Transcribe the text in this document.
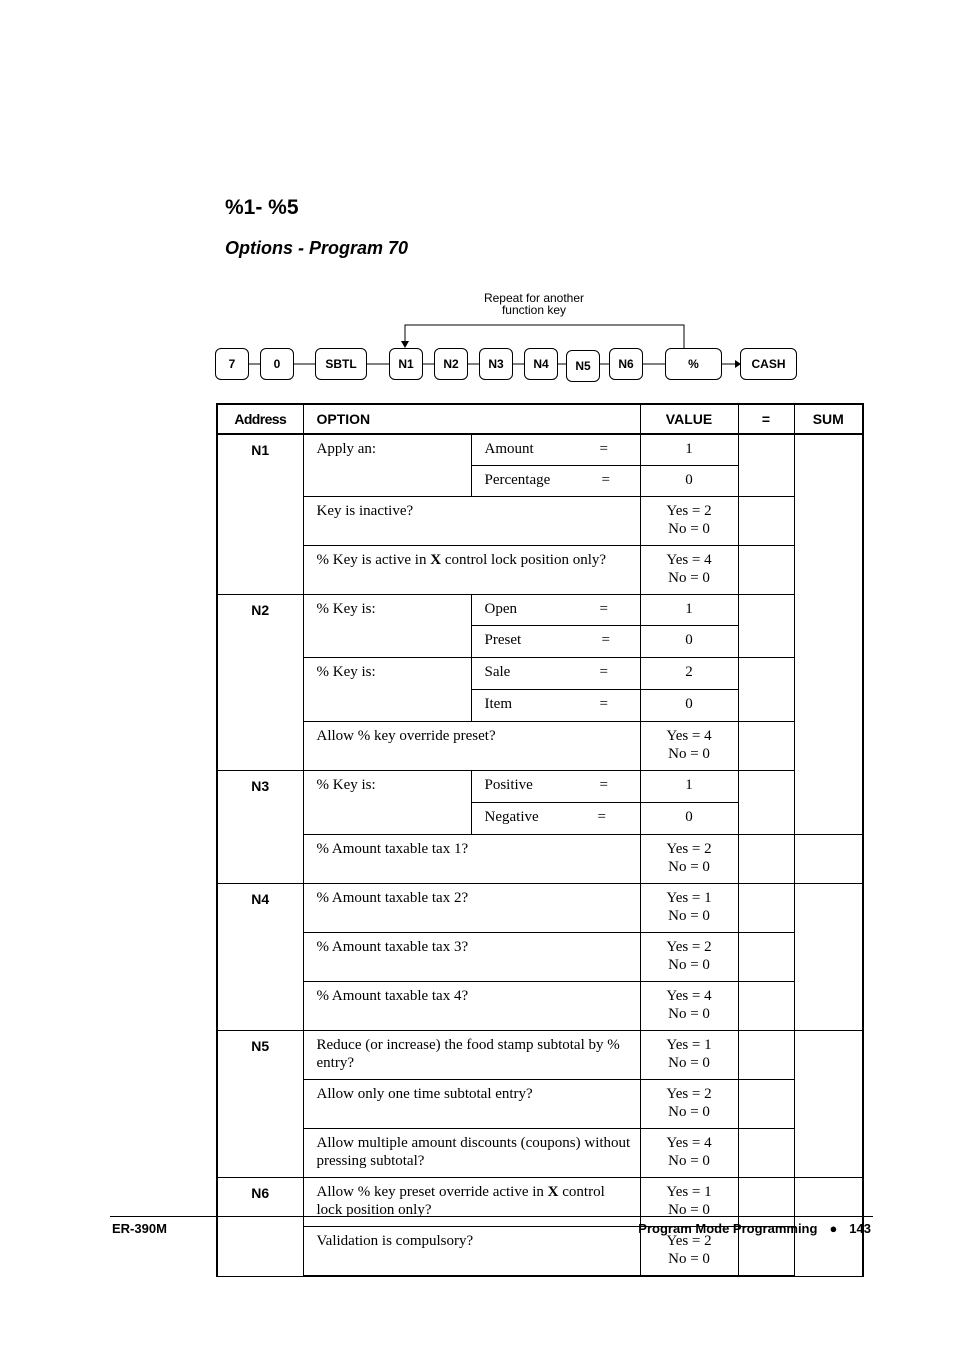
%1- %5
Options - Program 70
Repeat for another
function key
7	0	SBTL	N1	N2	N3	N4	N5	N6	%	CASH
Address	OPTION		VALUE	=	SUM
N1	Apply an:	Amount =	1		
		Percentage =	0		
	Key is inactive?		Yes = 2
No = 0		

	% Key is active in X control lock position only?		Yes = 4
No = 0		

N2	% Key is:	Open =	1		
		Preset =	0		
	% Key is:	Sale =	2		
		Item =	0		
	Allow % key override preset?		Yes = 4
No = 0		

N3	% Key is:	Positive =	1		
		Negative =	0		
	% Amount taxable tax 1?		Yes = 2
No = 0		

N4	% Amount taxable tax 2?		Yes = 1
No = 0		

	% Amount taxable tax 3?		Yes = 2
No = 0		

	% Amount taxable tax 4?		Yes = 4
No = 0		

N5	Reduce (or increase) the food stamp subtotal by % entry?		Yes = 1
No = 0		

	Allow only one time subtotal entry?		Yes = 2
No = 0		

	Allow multiple amount discounts (coupons) without pressing subtotal?		Yes = 4
No = 0		

N6	Allow % key preset override active in X control lock position only?		Yes = 1
No = 0		

	Validation is compulsory?		Yes = 2
No = 0		

ER-390M	Program Mode Programming ● 143
